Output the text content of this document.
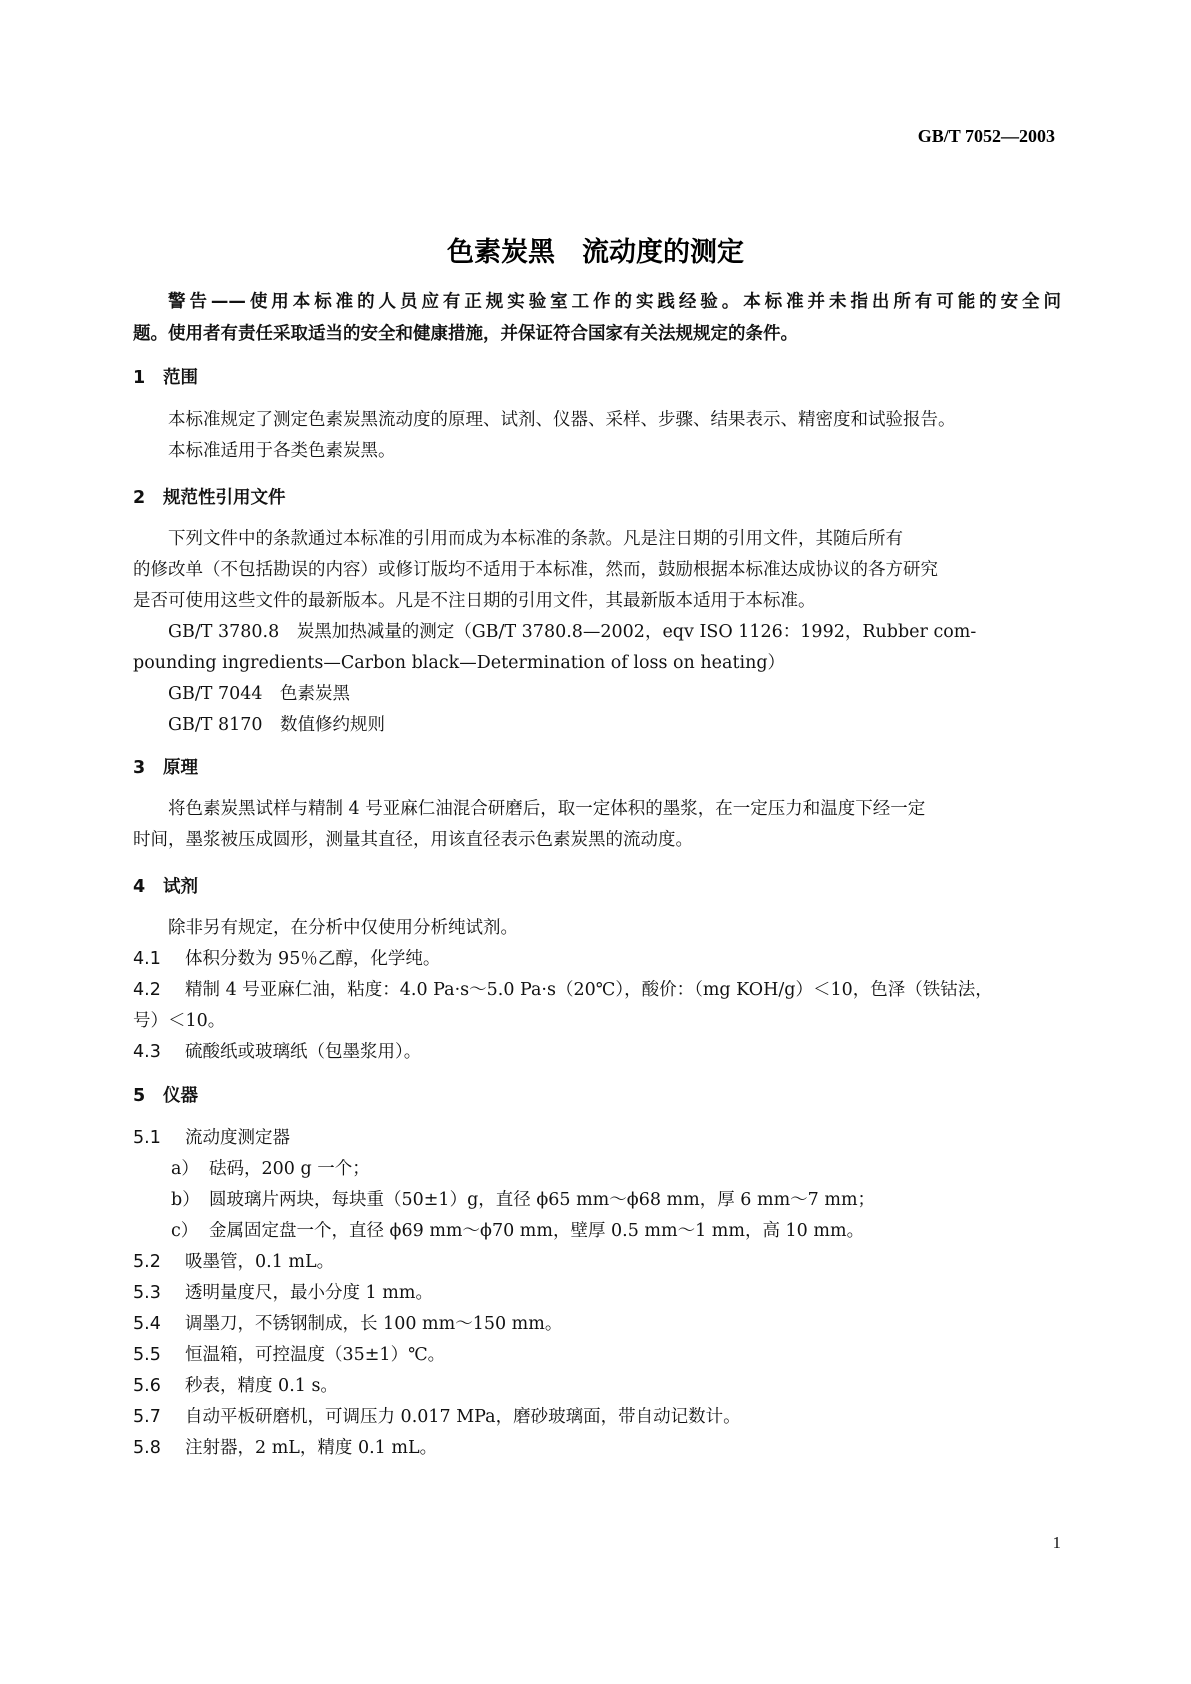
GB/T 7052—2003
色素炭黑　流动度的测定
警告——使用本标准的人员应有正规实验室工作的实践经验。本标准并未指出所有可能的安全问
题。使用者有责任采取适当的安全和健康措施，并保证符合国家有关法规规定的条件。
1 范围
本标准规定了测定色素炭黑流动度的原理、试剂、仪器、采样、步骤、结果表示、精密度和试验报告。
本标准适用于各类色素炭黑。
2 规范性引用文件
下列文件中的条款通过本标准的引用而成为本标准的条款。凡是注日期的引用文件，其随后所有
的修改单（不包括勘误的内容）或修订版均不适用于本标准，然而，鼓励根据本标准达成协议的各方研究
是否可使用这些文件的最新版本。凡是不注日期的引用文件，其最新版本适用于本标准。
GB/T 3780.8　炭黑加热减量的测定（GB/T 3780.8—2002，eqv ISO 1126：1992，Rubber com-
pounding ingredients—Carbon black—Determination of loss on heating）
GB/T 7044　色素炭黑
GB/T 8170　数值修约规则
3 原理
将色素炭黑试样与精制 4 号亚麻仁油混合研磨后，取一定体积的墨浆，在一定压力和温度下经一定
时间，墨浆被压成圆形，测量其直径，用该直径表示色素炭黑的流动度。
4 试剂
除非另有规定，在分析中仅使用分析纯试剂。
4.1 体积分数为 95％乙醇，化学纯。
4.2 精制 4 号亚麻仁油，粘度：4.0 Pa·s～5.0 Pa·s（20℃），酸价：（mg KOH/g）＜10，色泽（铁钴法，
号）＜10。
4.3 硫酸纸或玻璃纸（包墨浆用）。
5 仪器
5.1 流动度测定器
a） 砝码，200 g 一个；
b） 圆玻璃片两块，每块重（50±1）g，直径 ϕ65 mm～ϕ68 mm，厚 6 mm～7 mm；
c） 金属固定盘一个，直径 ϕ69 mm～ϕ70 mm，壁厚 0.5 mm～1 mm，高 10 mm。
5.2 吸墨管，0.1 mL。
5.3 透明量度尺，最小分度 1 mm。
5.4 调墨刀，不锈钢制成，长 100 mm～150 mm。
5.5 恒温箱，可控温度（35±1）℃。
5.6 秒表，精度 0.1 s。
5.7 自动平板研磨机，可调压力 0.017 MPa，磨砂玻璃面，带自动记数计。
5.8 注射器，2 mL，精度 0.1 mL。
1
